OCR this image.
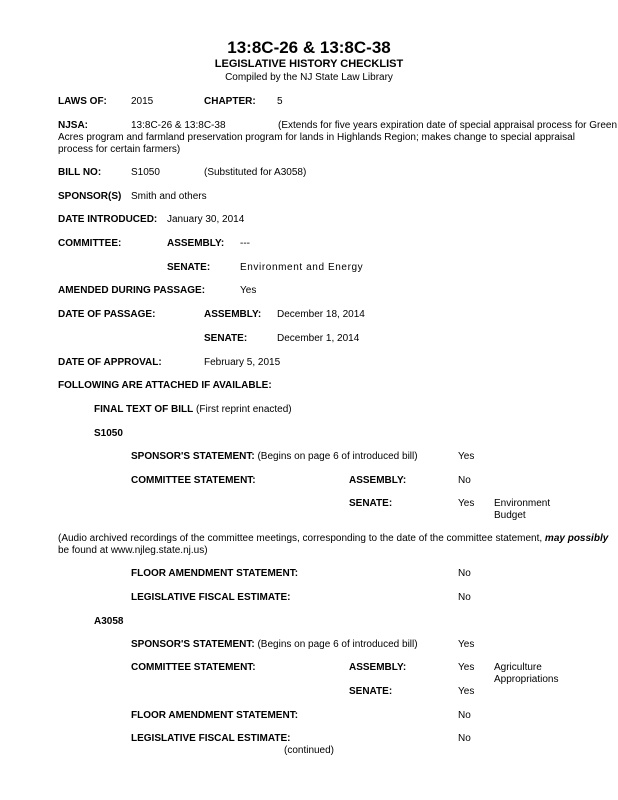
13:8C-26 & 13:8C-38
LEGISLATIVE HISTORY CHECKLIST
Compiled by the NJ State Law Library
LAWS OF: 2015	CHAPTER: 5
NJSA:	13:8C-26 & 13:8C-38	(Extends for five years expiration date of special appraisal process for Green
Acres program and farmland preservation program for lands in Highlands Region; makes change to special appraisal
process for certain farmers)
BILL NO:	S1050	(Substituted for A3058)
SPONSOR(S) Smith and others
DATE INTRODUCED: January 30, 2014
COMMITTEE:	ASSEMBLY: ---
SENATE:	Environment and Energy
AMENDED DURING PASSAGE:	Yes
DATE OF PASSAGE:	ASSEMBLY: December 18, 2014
SENATE:	December 1, 2014
DATE OF APPROVAL:	February 5, 2015
FOLLOWING ARE ATTACHED IF AVAILABLE:
FINAL TEXT OF BILL (First reprint enacted)
S1050
SPONSOR'S STATEMENT: (Begins on page 6 of introduced bill)	Yes
COMMITTEE STATEMENT:	ASSEMBLY:	No
SENATE:	Yes Environment
Budget
(Audio archived recordings of the committee meetings, corresponding to the date of the committee statement, may possibly
be found at www.njleg.state.nj.us)
FLOOR AMENDMENT STATEMENT:	No
LEGISLATIVE FISCAL ESTIMATE:	No
A3058
SPONSOR'S STATEMENT: (Begins on page 6 of introduced bill)	Yes
COMMITTEE STATEMENT:	ASSEMBLY:	Yes Agriculture
Appropriations
SENATE:	Yes
FLOOR AMENDMENT STATEMENT:	No
LEGISLATIVE FISCAL ESTIMATE:	No
(continued)
